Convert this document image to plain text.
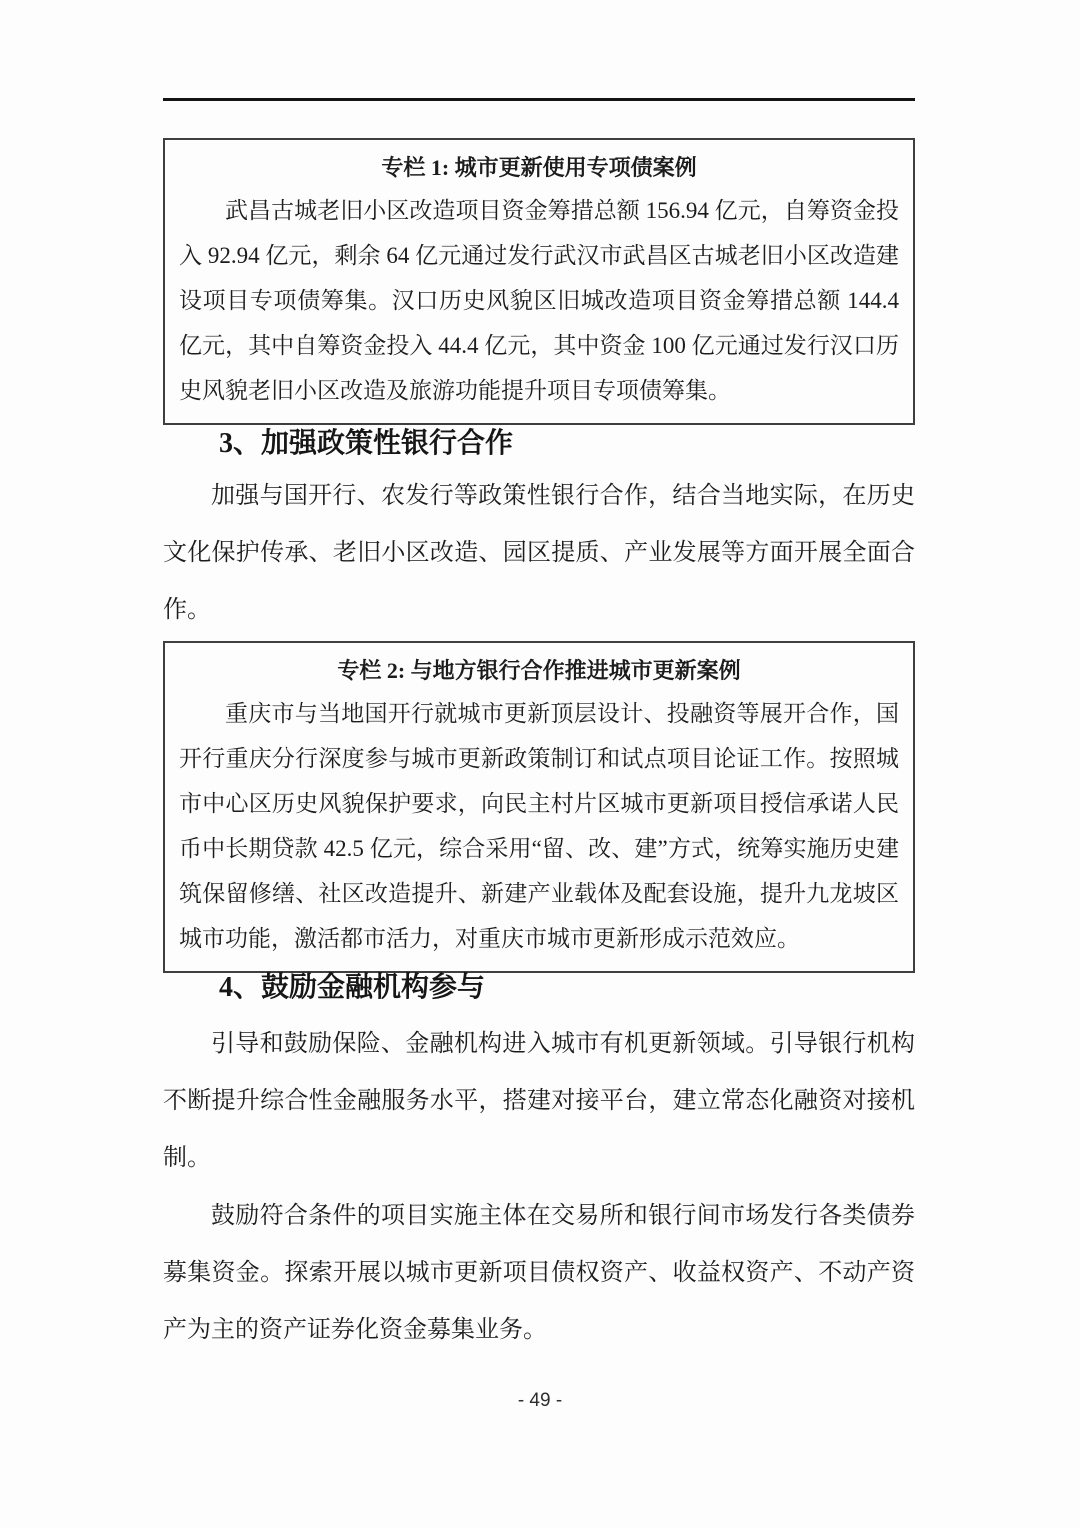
专栏 1: 城市更新使用专项债案例

武昌古城老旧小区改造项目资金筹措总额 156.94 亿元，自筹资金投入 92.94 亿元，剩余 64 亿元通过发行武汉市武昌区古城老旧小区改造建设项目专项债筹集。汉口历史风貌区旧城改造项目资金筹措总额 144.4 亿元，其中自筹资金投入 44.4 亿元，其中资金 100 亿元通过发行汉口历史风貌老旧小区改造及旅游功能提升项目专项债筹集。

3、加强政策性银行合作

加强与国开行、农发行等政策性银行合作，结合当地实际，在历史文化保护传承、老旧小区改造、园区提质、产业发展等方面开展全面合作。

专栏 2: 与地方银行合作推进城市更新案例

重庆市与当地国开行就城市更新顶层设计、投融资等展开合作，国开行重庆分行深度参与城市更新政策制订和试点项目论证工作。按照城市中心区历史风貌保护要求，向民主村片区城市更新项目授信承诺人民币中长期贷款 42.5 亿元，综合采用“留、改、建”方式，统筹实施历史建筑保留修缮、社区改造提升、新建产业载体及配套设施，提升九龙坡区城市功能，激活都市活力，对重庆市城市更新形成示范效应。

4、鼓励金融机构参与

引导和鼓励保险、金融机构进入城市有机更新领域。引导银行机构不断提升综合性金融服务水平，搭建对接平台，建立常态化融资对接机制。

鼓励符合条件的项目实施主体在交易所和银行间市场发行各类债券募集资金。探索开展以城市更新项目债权资产、收益权资产、不动产资产为主的资产证券化资金募集业务。

- 49 -
